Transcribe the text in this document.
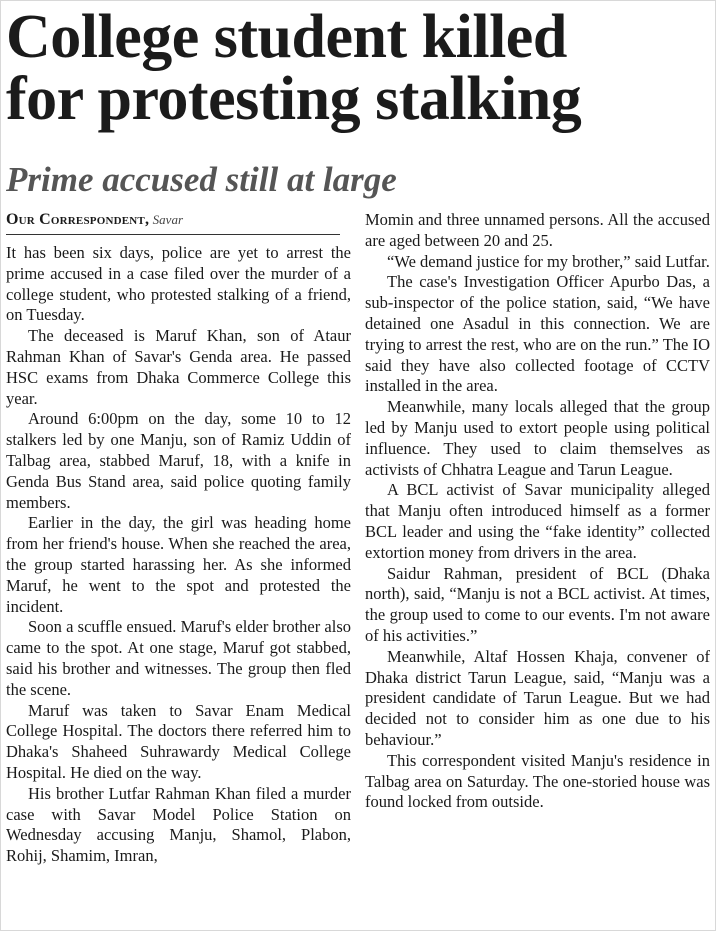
College student killed
for protesting stalking
Prime accused still at large
Our Correspondent, Savar

It has been six days, police are yet to arrest the prime accused in a case filed over the murder of a college student, who protested stalking of a friend, on Tuesday.

The deceased is Maruf Khan, son of Ataur Rahman Khan of Savar's Genda area. He passed HSC exams from Dhaka Commerce College this year.

Around 6:00pm on the day, some 10 to 12 stalkers led by one Manju, son of Ramiz Uddin of Talbag area, stabbed Maruf, 18, with a knife in Genda Bus Stand area, said police quoting family members.

Earlier in the day, the girl was heading home from her friend's house. When she reached the area, the group started harassing her. As she informed Maruf, he went to the spot and protested the incident.

Soon a scuffle ensued. Maruf's elder brother also came to the spot. At one stage, Maruf got stabbed, said his brother and witnesses. The group then fled the scene.

Maruf was taken to Savar Enam Medical College Hospital. The doctors there referred him to Dhaka's Shaheed Suhrawardy Medical College Hospital. He died on the way.

His brother Lutfar Rahman Khan filed a murder case with Savar Model Police Station on Wednesday accusing Manju, Shamol, Plabon, Rohij, Shamim, Imran,

Momin and three unnamed persons. All the accused are aged between 20 and 25.

“We demand justice for my brother,” said Lutfar.

The case's Investigation Officer Apurbo Das, a sub-inspector of the police station, said, “We have detained one Asadul in this connection. We are trying to arrest the rest, who are on the run.” The IO said they have also collected footage of CCTV installed in the area.

Meanwhile, many locals alleged that the group led by Manju used to extort people using political influence. They used to claim themselves as activists of Chhatra League and Tarun League.

A BCL activist of Savar municipality alleged that Manju often introduced himself as a former BCL leader and using the “fake identity” collected extortion money from drivers in the area.

Saidur Rahman, president of BCL (Dhaka north), said, “Manju is not a BCL activist. At times, the group used to come to our events. I'm not aware of his activities.”

Meanwhile, Altaf Hossen Khaja, convener of Dhaka district Tarun League, said, “Manju was a president candidate of Tarun League. But we had decided not to consider him as one due to his behaviour.”

This correspondent visited Manju's residence in Talbag area on Saturday. The one-storied house was found locked from outside.
